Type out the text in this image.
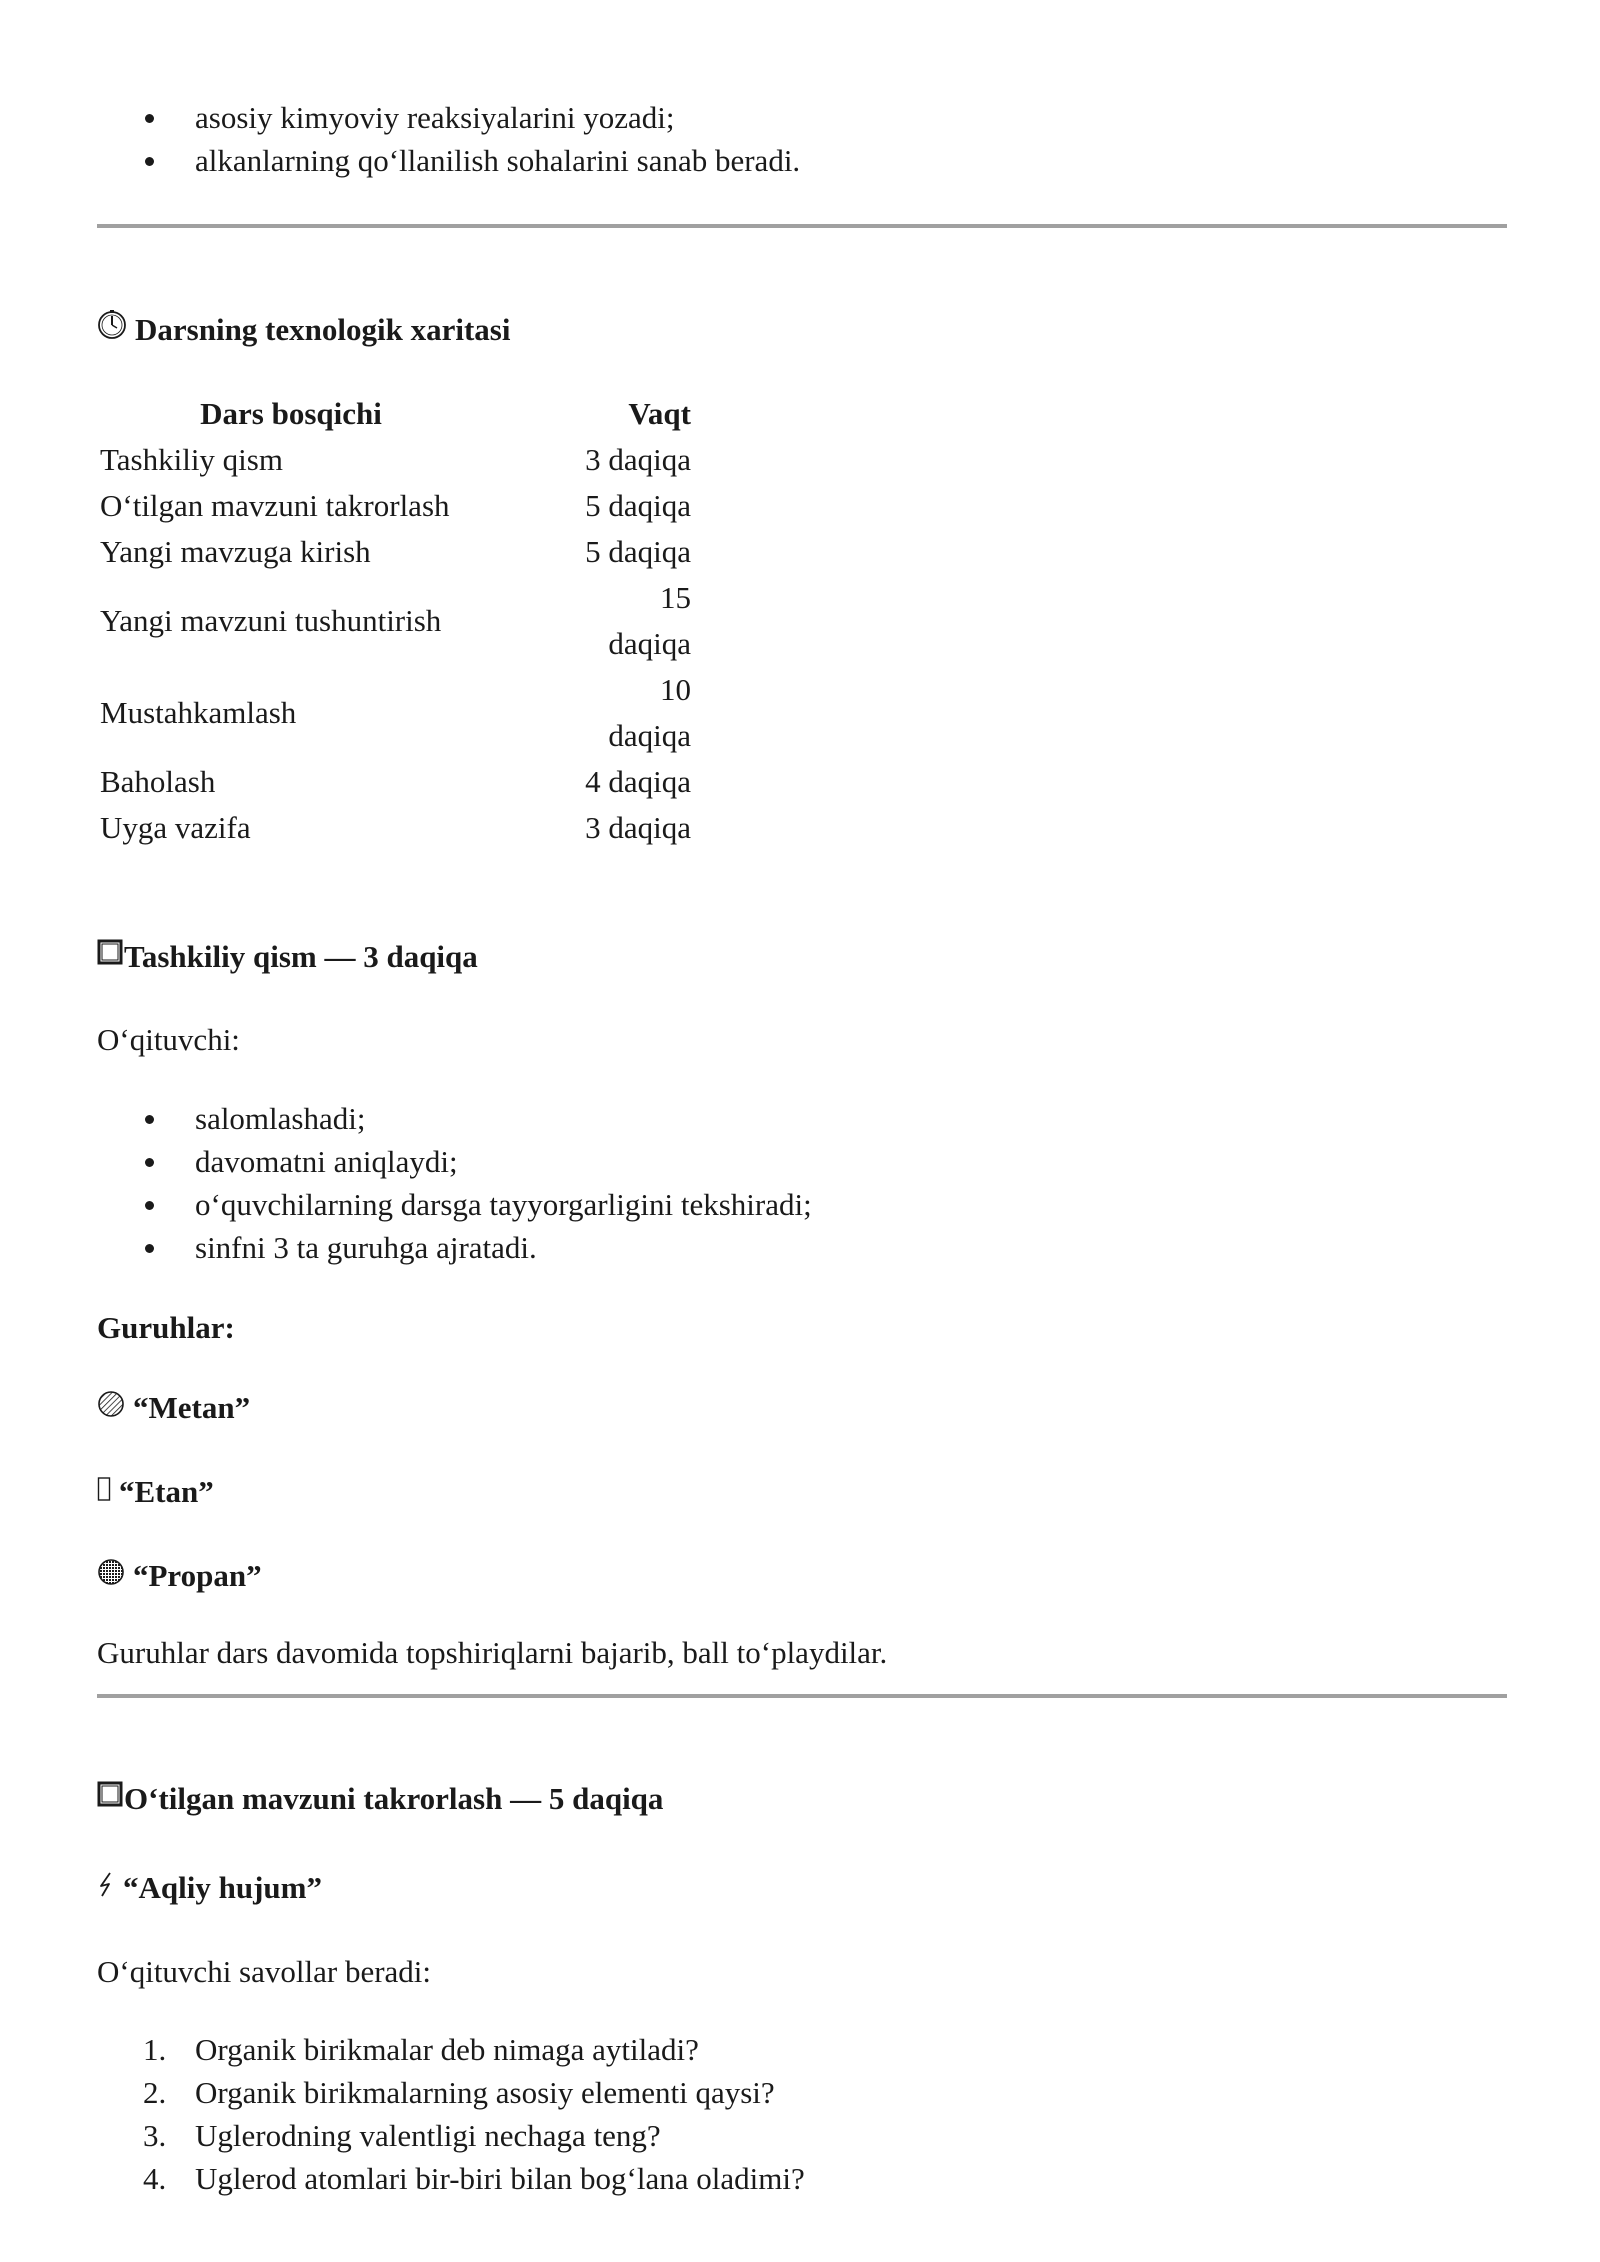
asosiy kimyoviy reaksiyalarini yozadi;
alkanlarning qo‘llanilish sohalarini sanab beradi.
Darsning texnologik xaritasi
Dars bosqichi	Vaqt
Tashkiliy qism	3 daqiqa
O‘tilgan mavzuni takrorlash	5 daqiqa
Yangi mavzuga kirish	5 daqiqa
Yangi mavzuni tushuntirish	15 daqiqa
Mustahkamlash	10 daqiqa
Baholash	4 daqiqa
Uyga vazifa	3 daqiqa
Tashkiliy qism — 3 daqiqa
O‘qituvchi:
salomlashadi;
davomatni aniqlaydi;
o‘quvchilarning darsga tayyorgarligini tekshiradi;
sinfni 3 ta guruhga ajratadi.
Guruhlar:
“Metan”
“Etan”
“Propan”
Guruhlar dars davomida topshiriqlarni bajarib, ball to‘playdilar.
O‘tilgan mavzuni takrorlash — 5 daqiqa
“Aqliy hujum”
O‘qituvchi savollar beradi:
1. Organik birikmalar deb nimaga aytiladi?
2. Organik birikmalarning asosiy elementi qaysi?
3. Uglerodning valentligi nechaga teng?
4. Uglerod atomlari bir-biri bilan bog‘lana oladimi?
